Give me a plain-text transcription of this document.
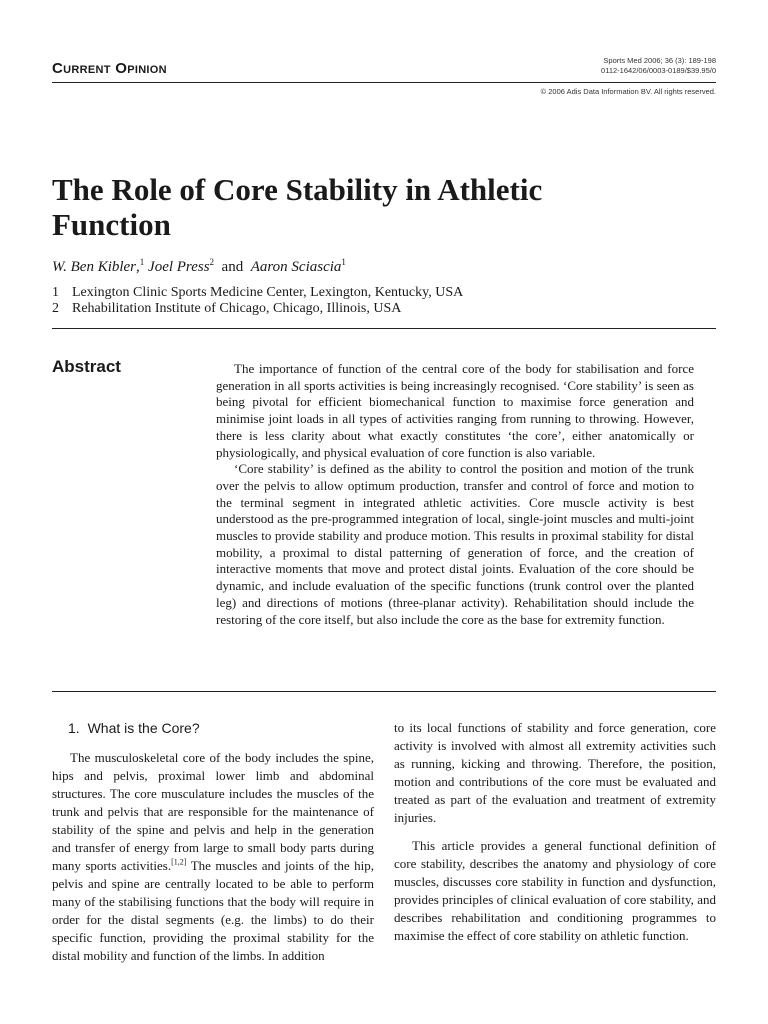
Current Opinion	Sports Med 2006; 36 (3): 189-198
0112-1642/06/0003-0189/$39.95/0
© 2006 Adis Data Information BV. All rights reserved.
The Role of Core Stability in Athletic Function
W. Ben Kibler,$^1$ Joel Press$^2$ and Aaron Sciascia$^1$
1 Lexington Clinic Sports Medicine Center, Lexington, Kentucky, USA
2 Rehabilitation Institute of Chicago, Chicago, Illinois, USA
Abstract	The importance of function of the central core of the body for stabilisation and force generation in all sports activities is being increasingly recognised. ‘Core stability’ is seen as being pivotal for efficient biomechanical function to maximise force generation and minimise joint loads in all types of activities ranging from running to throwing. However, there is less clarity about what exactly constitutes ‘the core’, either anatomically or physiologically, and physical evaluation of core function is also variable.

‘Core stability’ is defined as the ability to control the position and motion of the trunk over the pelvis to allow optimum production, transfer and control of force and motion to the terminal segment in integrated athletic activities. Core muscle activity is best understood as the pre-programmed integration of local, single-joint muscles and multi-joint muscles to provide stability and produce motion. This results in proximal stability for distal mobility, a proximal to distal patterning of generation of force, and the creation of interactive moments that move and protect distal joints. Evaluation of the core should be dynamic, and include evaluation of the specific functions (trunk control over the planted leg) and directions of motions (three-planar activity). Rehabilitation should include the restoring of the core itself, but also include the core as the base for extremity function.

1. What is the Core?

The musculoskeletal core of the body includes the spine, hips and pelvis, proximal lower limb and abdominal structures. The core musculature includes the muscles of the trunk and pelvis that are responsible for the maintenance of stability of the spine and pelvis and help in the generation and transfer of energy from large to small body parts during many sports activities.[1,2] The muscles and joints of the hip, pelvis and spine are centrally located to be able to perform many of the stabilising functions that the body will require in order for the distal segments (e.g. the limbs) to do their specific function, providing the proximal stability for the distal mobility and function of the limbs. In addition

to its local functions of stability and force generation, core activity is involved with almost all extremity activities such as running, kicking and throwing. Therefore, the position, motion and contributions of the core must be evaluated and treated as part of the evaluation and treatment of extremity injuries.

This article provides a general functional definition of core stability, describes the anatomy and physiology of core muscles, discusses core stability in function and dysfunction, provides principles of clinical evaluation of core stability, and describes rehabilitation and conditioning programmes to maximise the effect of core stability on athletic function.
